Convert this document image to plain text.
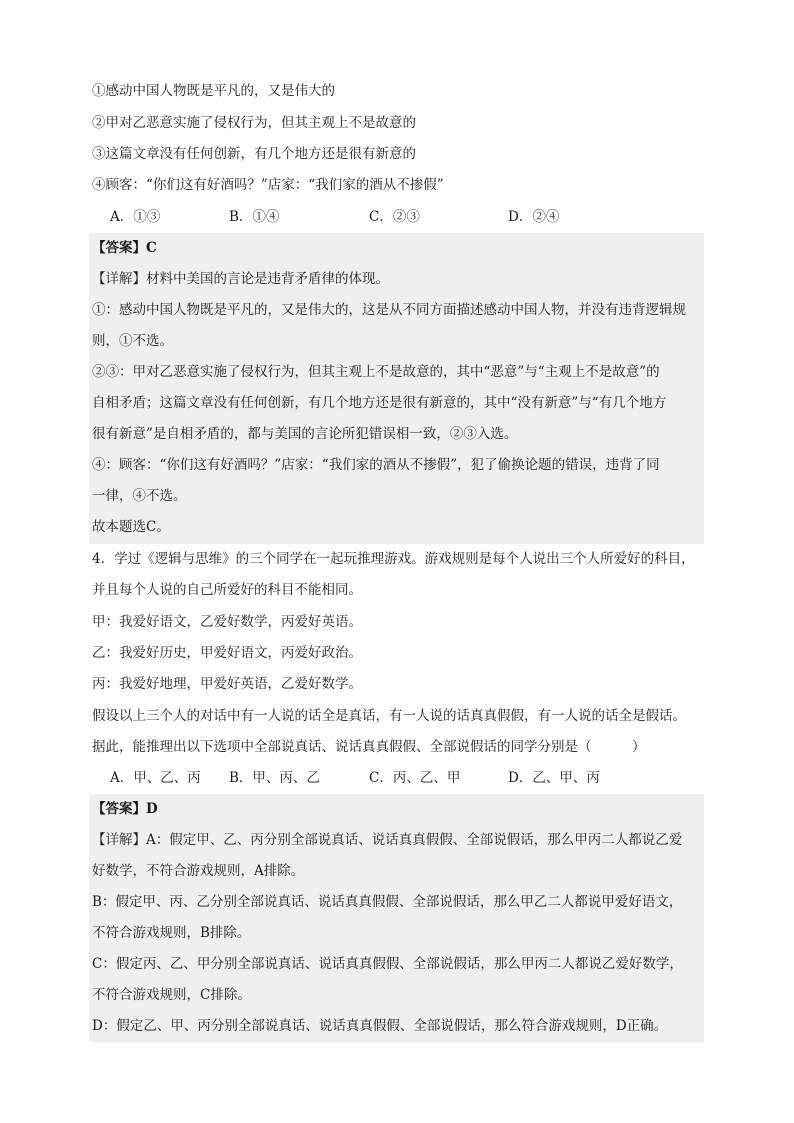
①感动中国人物既是平凡的，又是伟大的
②甲对乙恶意实施了侵权行为，但其主观上不是故意的
③这篇文章没有任何创新，有几个地方还是很有新意的
④顾客：“你们这有好酒吗？”店家：“我们家的酒从不掺假”
A．①③	B．①④	C．②③	D．②④
【答案】C
【详解】材料中美国的言论是违背矛盾律的体现。
①：感动中国人物既是平凡的，又是伟大的，这是从不同方面描述感动中国人物，并没有违背逻辑规
则，①不选。
②③：甲对乙恶意实施了侵权行为，但其主观上不是故意的，其中“恶意”与“主观上不是故意”的
自相矛盾；这篇文章没有任何创新，有几个地方还是很有新意的，其中“没有新意”与“有几个地方
很有新意”是自相矛盾的，都与美国的言论所犯错误相一致，②③入选。
④：顾客：“你们这有好酒吗？”店家：“我们家的酒从不掺假”，犯了偷换论题的错误，违背了同
一律，④不选。
故本题选C。
4．学过《逻辑与思维》的三个同学在一起玩推理游戏。游戏规则是每个人说出三个人所爱好的科目，
并且每个人说的自己所爱好的科目不能相同。
甲：我爱好语文，乙爱好数学，丙爱好英语。
乙：我爱好历史，甲爱好语文，丙爱好政治。
丙：我爱好地理，甲爱好英语，乙爱好数学。
假设以上三个人的对话中有一人说的话全是真话，有一人说的话真真假假，有一人说的话全是假话。
据此，能推理出以下选项中全部说真话、说话真真假假、全部说假话的同学分别是（　　　）
A．甲、乙、丙 B．甲、丙、乙	C．丙、乙、甲	D．乙、甲、丙
【答案】D
【详解】A：假定甲、乙、丙分别全部说真话、说话真真假假、全部说假话，那么甲丙二人都说乙爱
好数学，不符合游戏规则，A排除。
B：假定甲、丙、乙分别全部说真话、说话真真假假、全部说假话，那么甲乙二人都说甲爱好语文，
不符合游戏规则，B排除。
C：假定丙、乙、甲分别全部说真话、说话真真假假、全部说假话，那么甲丙二人都说乙爱好数学，
不符合游戏规则，C排除。
D：假定乙、甲、丙分别全部说真话、说话真真假假、全部说假话，那么符合游戏规则，D正确。
